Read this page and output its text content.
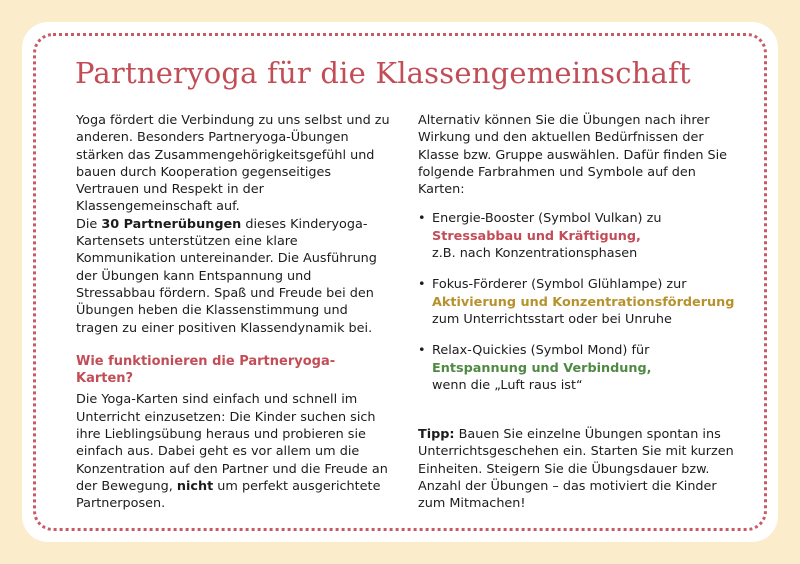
Partneryoga für die Klassengemeinschaft

Yoga fördert die Verbindung zu uns selbst und zu anderen. Besonders Partneryoga-Übungen stärken das Zusammengehörigkeitsgefühl und bauen durch Kooperation gegenseitiges Vertrauen und Respekt in der Klassengemeinschaft auf.

Die 30 Partnerübungen dieses Kinderyoga-Kartensets unterstützen eine klare Kommunikation untereinander. Die Ausführung der Übungen kann Entspannung und Stressabbau fördern. Spaß und Freude bei den Übungen heben die Klassenstimmung und tragen zu einer positiven Klassendynamik bei.

Wie funktionieren die Partneryoga-Karten?

Die Yoga-Karten sind einfach und schnell im Unterricht einzusetzen: Die Kinder suchen sich ihre Lieblingsübung heraus und probieren sie einfach aus. Dabei geht es vor allem um die Konzentration auf den Partner und die Freude an der Bewegung, nicht um perfekt ausgerichtete Partnerposen.

Alternativ können Sie die Übungen nach ihrer Wirkung und den aktuellen Bedürfnissen der Klasse bzw. Gruppe auswählen. Dafür finden Sie folgende Farbrahmen und Symbole auf den Karten:

• Energie-Booster (Symbol Vulkan) zu
Stressabbau und Kräftigung,
z.B. nach Konzentrationsphasen
• Fokus-Förderer (Symbol Glühlampe) zur
Aktivierung und Konzentrationsförderung
zum Unterrichtsstart oder bei Unruhe
• Relax-Quickies (Symbol Mond) für
Entspannung und Verbindung,
wenn die „Luft raus ist“

Tipp: Bauen Sie einzelne Übungen spontan ins Unterrichtsgeschehen ein. Starten Sie mit kurzen Einheiten. Steigern Sie die Übungsdauer bzw. Anzahl der Übungen – das motiviert die Kinder zum Mitmachen!
